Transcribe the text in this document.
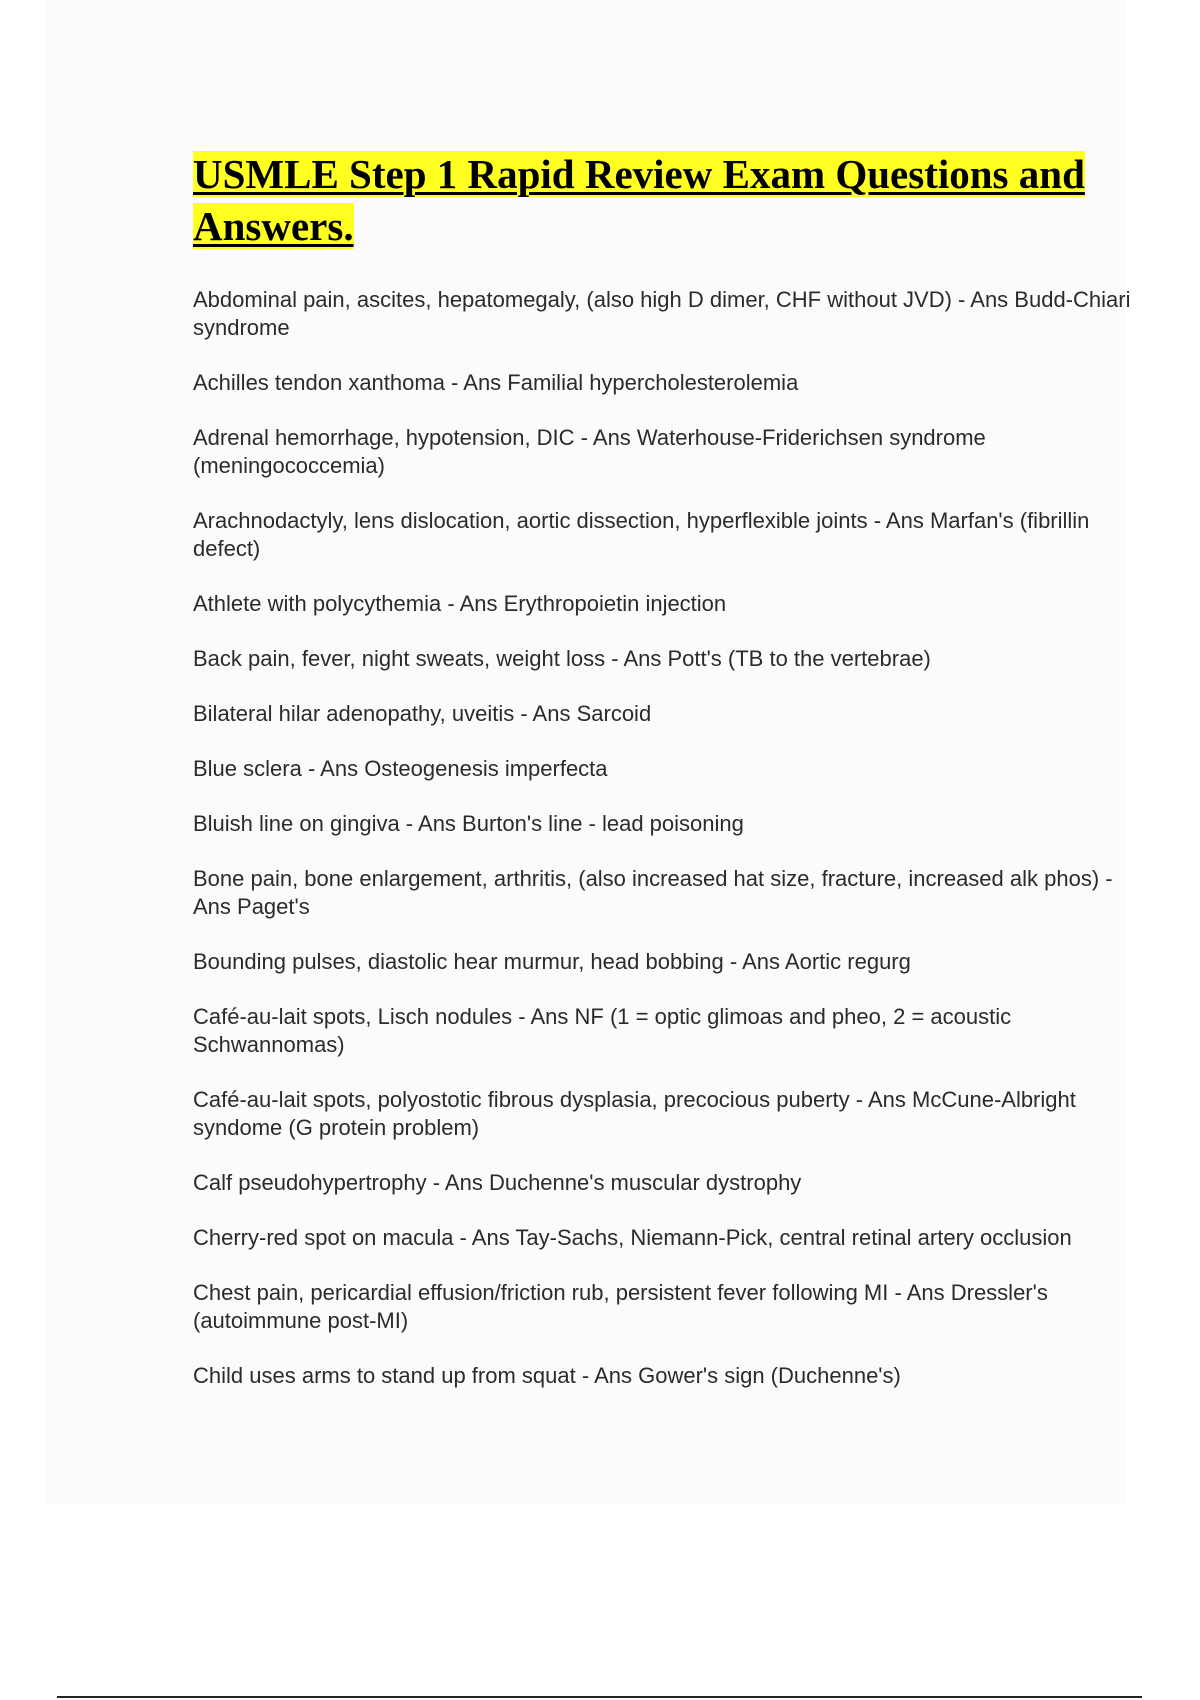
USMLE Step 1 Rapid Review Exam Questions and Answers.
Abdominal pain, ascites, hepatomegaly, (also high D dimer, CHF without JVD) - Ans Budd-Chiari syndrome
Achilles tendon xanthoma - Ans Familial hypercholesterolemia
Adrenal hemorrhage, hypotension, DIC - Ans Waterhouse-Friderichsen syndrome (meningococcemia)
Arachnodactyly, lens dislocation, aortic dissection, hyperflexible joints - Ans Marfan's (fibrillin defect)
Athlete with polycythemia - Ans Erythropoietin injection
Back pain, fever, night sweats, weight loss - Ans Pott's (TB to the vertebrae)
Bilateral hilar adenopathy, uveitis - Ans Sarcoid
Blue sclera - Ans Osteogenesis imperfecta
Bluish line on gingiva - Ans Burton's line - lead poisoning
Bone pain, bone enlargement, arthritis, (also increased hat size, fracture, increased alk phos) - Ans Paget's
Bounding pulses, diastolic hear murmur, head bobbing - Ans Aortic regurg
Café-au-lait spots, Lisch nodules - Ans NF (1 = optic glimoas and pheo, 2 = acoustic Schwannomas)
Café-au-lait spots, polyostotic fibrous dysplasia, precocious puberty - Ans McCune-Albright syndome (G protein problem)
Calf pseudohypertrophy - Ans Duchenne's muscular dystrophy
Cherry-red spot on macula - Ans Tay-Sachs, Niemann-Pick, central retinal artery occlusion
Chest pain, pericardial effusion/friction rub, persistent fever following MI - Ans Dressler's (autoimmune post-MI)
Child uses arms to stand up from squat - Ans Gower's sign (Duchenne's)
